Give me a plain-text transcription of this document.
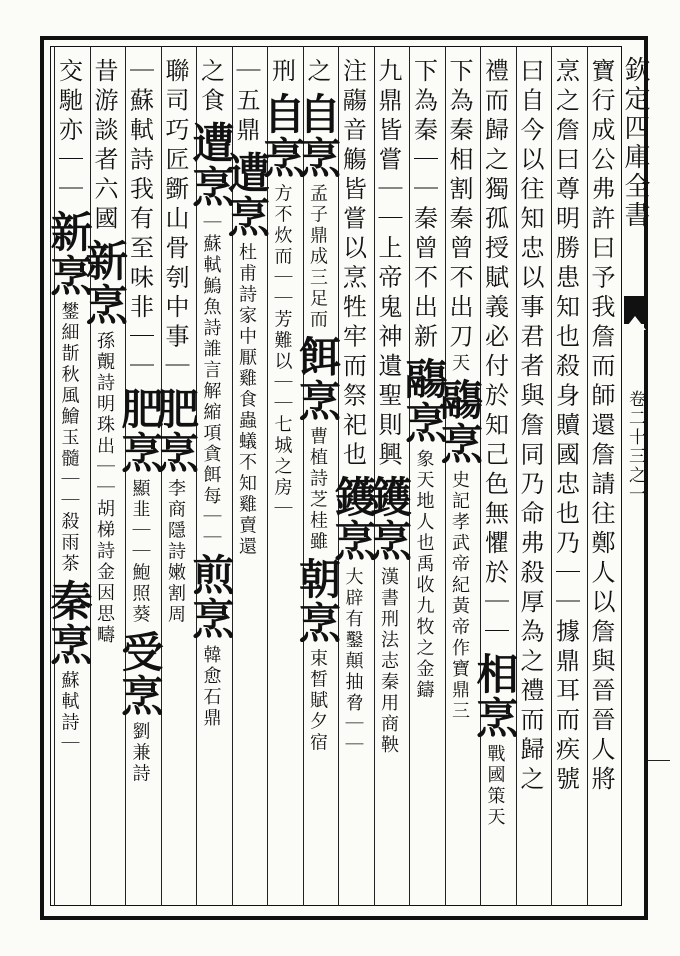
欽定四庫全書
卷二十三之一
寶行成公弗許曰予我詹而師還詹請往鄭人以詹與晉晉人將
烹之詹曰尊明勝患知也殺身贖國忠也乃｜｜據鼎耳而疾號
曰自今以往知忠以事君者與詹同乃命弗殺厚為之禮而歸之
禮而歸之獨孤授賦義必付於知己色無懼於｜｜相烹戰國策天
下為秦相割秦曾不出刀天鬺烹史記孝武帝紀黃帝作寶鼎三
下為秦｜｜秦曾不出新鬺烹象天地人也禹收九牧之金鑄
九鼎皆嘗｜｜上帝鬼神遺聖則興鑊烹漢書刑法志秦用商鞅
注鬺音觴皆嘗以烹牲牢而祭祀也鑊烹大辟有鑿顛抽脅｜｜
之自烹孟子鼎成三足而餌烹曹植詩芝桂雖朝烹束晳賦夕宿
刑自烹方不炊而｜｜芳難以｜｜七城之房｜
｜五鼎遭烹杜甫詩家中厭雞食蟲蟻不知雞賣還
之食遭烹｜蘇軾鰞魚詩誰言解縮項貪餌每｜｜煎烹韓愈石鼎
聯司巧匠斵山骨刳中事｜肥烹李商隱詩嫩割周
｜蘇軾詩我有至味非｜｜肥烹顯韭｜｜鮑照葵受烹劉兼詩
昔游談者六國新烹孫覿詩明珠出｜｜胡梯詩金因思疇
交馳亦｜｜新烹鐢細斮秋風鱠玉髓｜｜殺雨茶秦烹蘇軾詩｜
